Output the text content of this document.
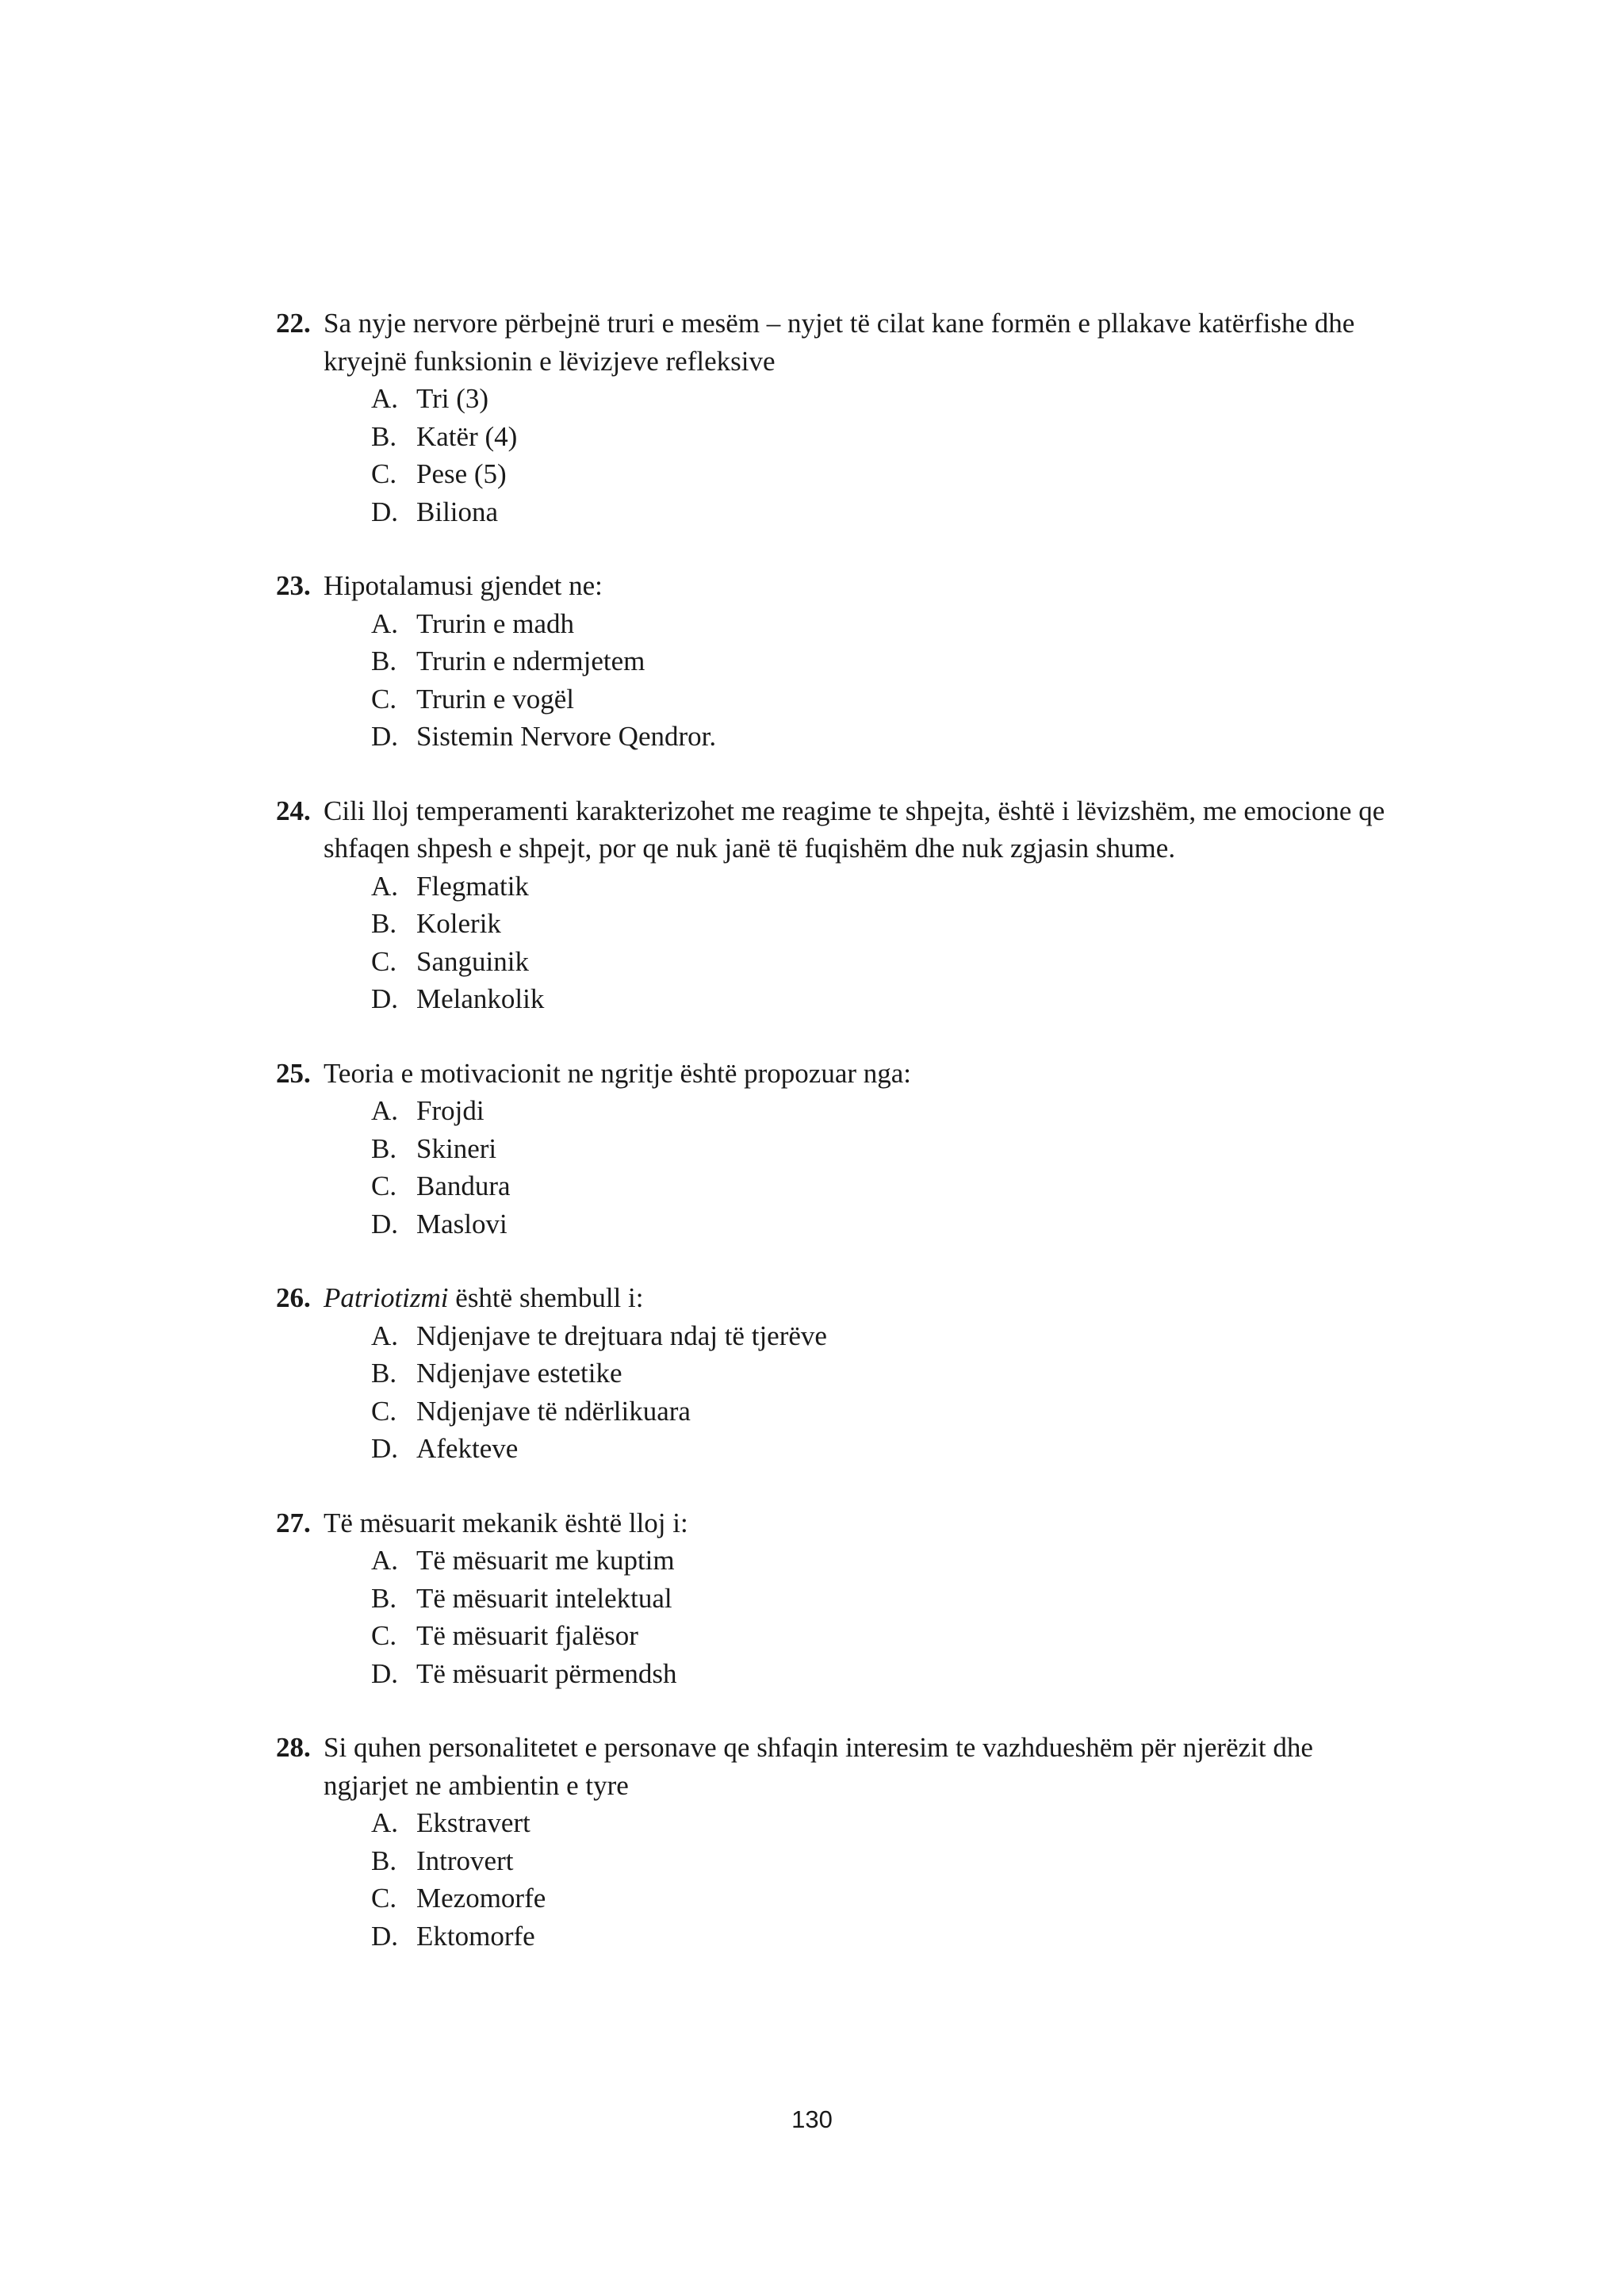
22. Sa nyje nervore përbejnë truri e mesëm – nyjet të cilat kane formën e pllakave katërfishe dhe kryejnë funksionin e lëvizjeve refleksive
A. Tri (3)
B. Katër (4)
C. Pese (5)
D. Biliona
23. Hipotalamusi gjendet ne:
A. Trurin e madh
B. Trurin e ndermjetem
C. Trurin e vogël
D. Sistemin Nervore Qendror.
24. Cili lloj temperamenti karakterizohet me reagime te shpejta, është i lëvizshëm, me emocione qe shfaqen shpesh e shpejt, por qe nuk janë të fuqishëm dhe nuk zgjasin shume.
A. Flegmatik
B. Kolerik
C. Sanguinik
D. Melankolik
25. Teoria e motivacionit ne ngritje është propozuar nga:
A. Frojdi
B. Skineri
C. Bandura
D. Maslovi
26. Patriotizmi është shembull i:
A. Ndjenjave te drejtuara ndaj të tjerëve
B. Ndjenjave estetike
C. Ndjenjave të ndërlikuara
D. Afekteve
27. Të mësuarit mekanik është lloj i:
A. Të mësuarit me kuptim
B. Të mësuarit intelektual
C. Të mësuarit fjalësor
D. Të mësuarit përmendsh
28. Si quhen personalitetet e personave qe shfaqin interesim te vazhdueshëm për njerëzit dhe ngjarjet ne ambientin e tyre
A. Ekstravert
B. Introvert
C. Mezomorfe
D. Ektomorfe
130
